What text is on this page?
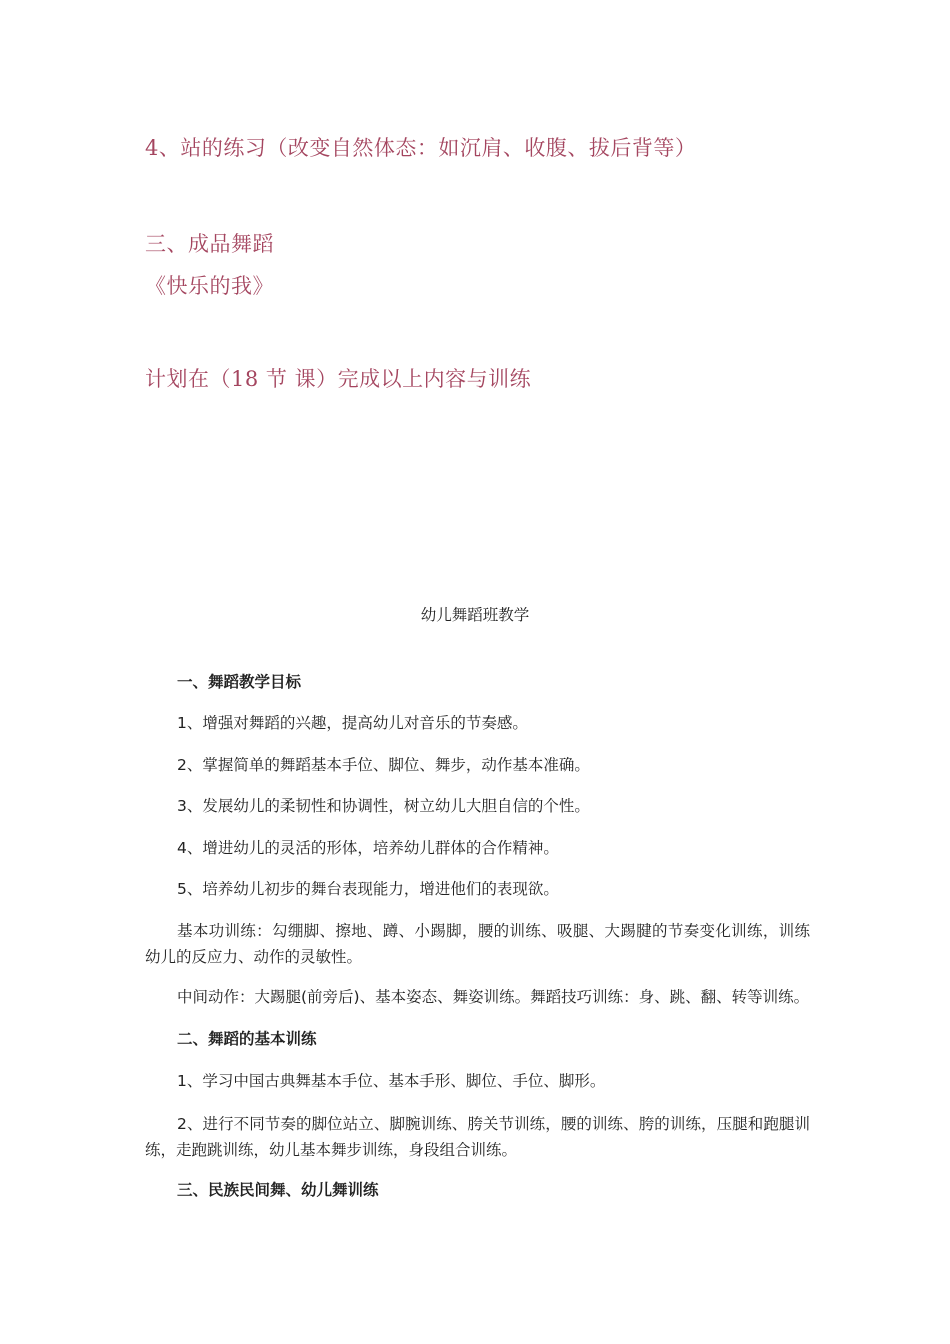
4、站的练习（改变自然体态：如沉肩、收腹、拔后背等）
三、成品舞蹈
《快乐的我》
计划在（18 节 课）完成以上内容与训练
幼儿舞蹈班教学
一、舞蹈教学目标
1、增强对舞蹈的兴趣，提高幼儿对音乐的节奏感。
2、掌握简单的舞蹈基本手位、脚位、舞步，动作基本准确。
3、发展幼儿的柔韧性和协调性，树立幼儿大胆自信的个性。
4、增进幼儿的灵活的形体，培养幼儿群体的合作精神。
5、培养幼儿初步的舞台表现能力，增进他们的表现欲。
基本功训练：勾绷脚、擦地、蹲、小踢脚，腰的训练、吸腿、大踢腱的节奏变化训练，训练幼儿的反应力、动作的灵敏性。
中间动作：大踢腿(前旁后)、基本姿态、舞姿训练。舞蹈技巧训练：身、跳、翻、转等训练。
二、舞蹈的基本训练
1、学习中国古典舞基本手位、基本手形、脚位、手位、脚形。
2、进行不同节奏的脚位站立、脚腕训练、胯关节训练，腰的训练、胯的训练，压腿和跑腿训练，走跑跳训练，幼儿基本舞步训练，身段组合训练。
三、民族民间舞、幼儿舞训练
